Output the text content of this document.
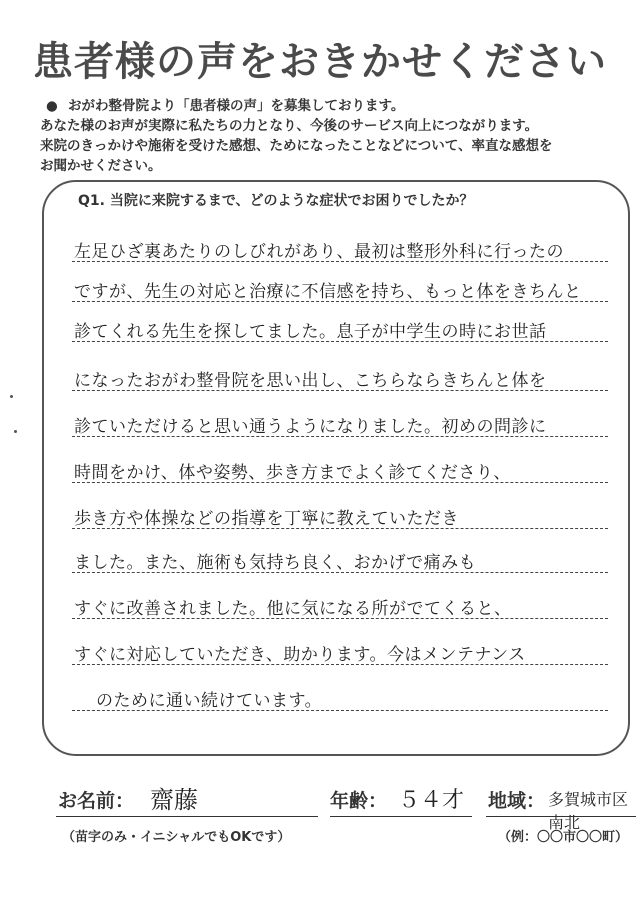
患者様の声をおきかせください
● おがわ整骨院より「患者様の声」を募集しております。
あなた様のお声が実際に私たちの力となり、今後のサービス向上につながります。
来院のきっかけや施術を受けた感想、ためになったことなどについて、率直な感想を
お聞かせください。
Q1. 当院に来院するまで、どのような症状でお困りでしたか？
左足ひざ裏あたりのしびれがあり、最初は整形外科に行ったの
ですが、先生の対応と治療に不信感を持ち、もっと体をきちんと
診てくれる先生を探してました。息子が中学生の時にお世話
になったおがわ整骨院を思い出し、こちらならきちんと体を
診ていただけると思い通うようになりました。初めの問診に
時間をかけ、体や姿勢、歩き方までよく診てくださり、
歩き方や体操などの指導を丁寧に教えていただき
ました。また、施術も気持ち良く、おかげで痛みも
すぐに改善されました。他に気になる所がでてくると、
すぐに対応していただき、助かります。今はメンテナンス
のために通い続けています。
お名前： 齋藤	年齢： ５４才 地域： 多賀城市区南北
（苗字のみ・イニシャルでもOKです）	（例：〇〇市〇〇町）
